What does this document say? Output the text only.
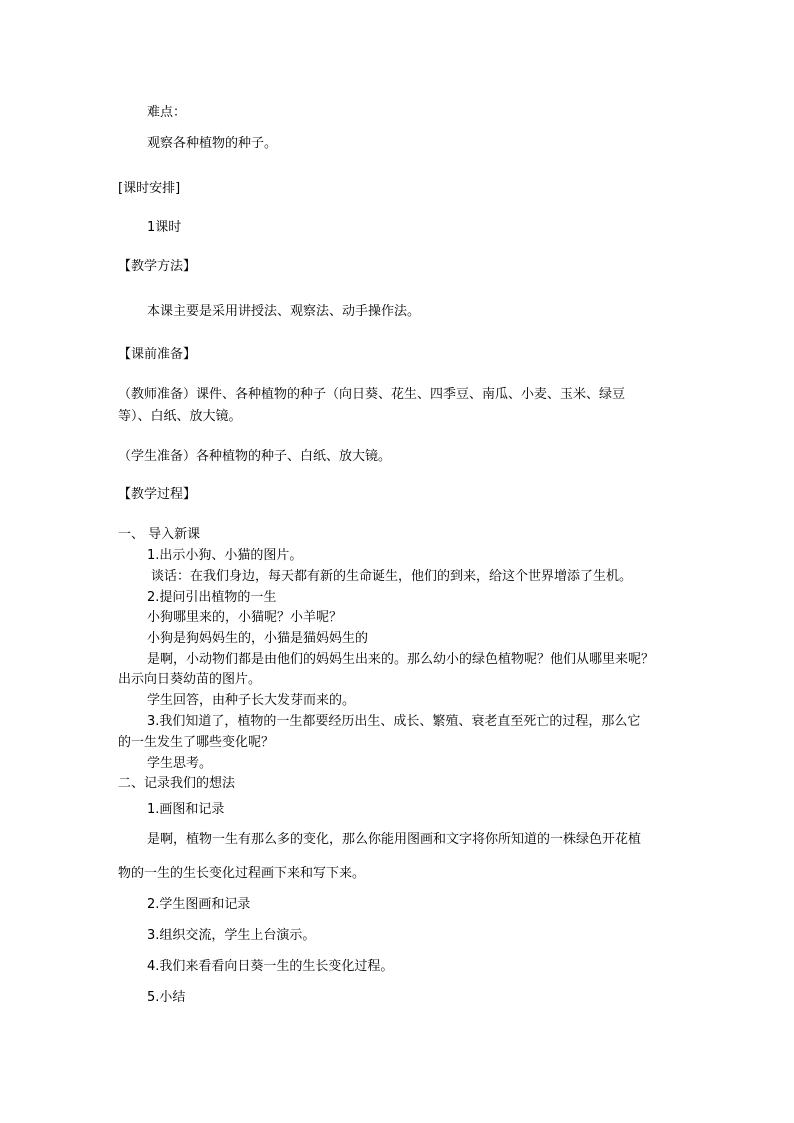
难点：
观察各种植物的种子。
[课时安排]
1课时
【教学方法】
本课主要是采用讲授法、观察法、动手操作法。
【课前准备】
（教师准备）课件、各种植物的种子（向日葵、花生、四季豆、南瓜、小麦、玉米、绿豆
等）、白纸、放大镜。
（学生准备）各种植物的种子、白纸、放大镜。
【教学过程】
一、 导入新课
1.出示小狗、小猫的图片。
谈话：在我们身边，每天都有新的生命诞生，他们的到来，给这个世界增添了生机。
2.提问引出植物的一生
小狗哪里来的，小猫呢？小羊呢？
小狗是狗妈妈生的，小猫是猫妈妈生的
是啊，小动物们都是由他们的妈妈生出来的。那么幼小的绿色植物呢？他们从哪里来呢？
出示向日葵幼苗的图片。
学生回答，由种子长大发芽而来的。
3.我们知道了，植物的一生都要经历出生、成长、繁殖、衰老直至死亡的过程，那么它
的一生发生了哪些变化呢？
学生思考。
二、记录我们的想法
1.画图和记录
是啊，植物一生有那么多的变化，那么你能用图画和文字将你所知道的一株绿色开花植
物的一生的生长变化过程画下来和写下来。
2.学生图画和记录
3.组织交流，学生上台演示。
4.我们来看看向日葵一生的生长变化过程。
5.小结
